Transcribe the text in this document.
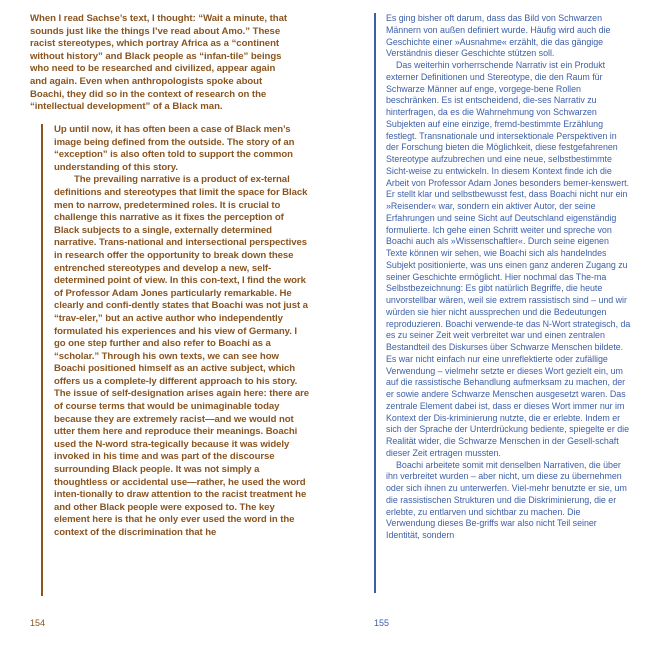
When I read Sachse’s text, I thought: “Wait a minute, that sounds just like the things I’ve read about Amo.” These racist stereotypes, which portray Africa as a “continent without history” and Black people as “infan-tile” beings who need to be researched and civilized, appear again and again. Even when anthropologists spoke about Boachi, they did so in the context of research on the “intellectual development” of a Black man.

Up until now, it has often been a case of Black men’s image being defined from the outside. The story of an “exception” is also often told to support the common understanding of this story.

The prevailing narrative is a product of ex-ternal definitions and stereotypes that limit the space for Black men to narrow, predetermined roles. It is crucial to challenge this narrative as it fixes the perception of Black subjects to a single, externally determined narrative. Trans-national and intersectional perspectives in research offer the opportunity to break down these entrenched stereotypes and develop a new, self-determined point of view. In this con-text, I find the work of Professor Adam Jones particularly remarkable. He clearly and confi-dently states that Boachi was not just a “trav-eler,” but an active author who independently formulated his experiences and his view of Germany. I go one step further and also refer to Boachi as a “scholar.” Through his own texts, we can see how Boachi positioned himself as an active subject, which offers us a complete-ly different approach to his story. The issue of self-designation arises again here: there are of course terms that would be unimaginable today because they are extremely racist—and we would not utter them here and reproduce their meanings. Boachi used the N-word stra-tegically because it was widely invoked in his time and was part of the discourse surrounding Black people. It was not simply a thoughtless or accidental use—rather, he used the word inten-tionally to draw attention to the racist treatment he and other Black people were exposed to. The key element here is that he only ever used the word in the context of the discrimination that he

154

Es ging bisher oft darum, dass das Bild von Schwarzen Männern von außen definiert wurde. Häufig wird auch die Geschichte einer »Ausnahme« erzählt, die das gängige Verständnis dieser Geschichte stützen soll.

Das weiterhin vorherrschende Narrativ ist ein Produkt externer Definitionen und Stereotype, die den Raum für Schwarze Männer auf enge, vorgege-bene Rollen beschränken. Es ist entscheidend, die-ses Narrativ zu hinterfragen, da es die Wahrnehmung von Schwarzen Subjekten auf eine einzige, fremd-bestimmte Erzählung festlegt. Transnationale und intersektionale Perspektiven in der Forschung bieten die Möglichkeit, diese festgefahrenen Stereotype aufzubrechen und eine neue, selbstbestimmte Sicht-weise zu entwickeln. In diesem Kontext finde ich die Arbeit von Professor Adam Jones besonders bemer-kenswert. Er stellt klar und selbstbewusst fest, dass Boachi nicht nur ein »Reisender« war, sondern ein aktiver Autor, der seine Erfahrungen und seine Sicht auf Deutschland eigenständig formulierte. Ich gehe einen Schritt weiter und spreche von Boachi auch als »Wissenschaftler«. Durch seine eigenen Texte können wir sehen, wie Boachi sich als handelndes Subjekt positionierte, was uns einen ganz anderen Zugang zu seiner Geschichte ermöglicht. Hier nochmal das The-ma Selbstbezeichnung: Es gibt natürlich Begriffe, die heute unvorstellbar wären, weil sie extrem rassistisch sind – und wir würden sie hier nicht aussprechen und die Bedeutungen reproduzieren. Boachi verwende-te das N-Wort strategisch, da es zu seiner Zeit weit verbreitet war und einen zentralen Bestandteil des Diskurses über Schwarze Menschen bildete. Es war nicht einfach nur eine unreflektierte oder zufällige Verwendung – vielmehr setzte er dieses Wort gezielt ein, um auf die rassistische Behandlung aufmerksam zu machen, der er sowie andere Schwarze Menschen ausgesetzt waren. Das zentrale Element dabei ist, dass er dieses Wort immer nur im Kontext der Dis-kriminierung nutzte, die er erlebte. Indem er sich der Sprache der Unterdrückung bediente, spiegelte er die Realität wider, die Schwarze Menschen in der Gesell-schaft dieser Zeit ertragen mussten.

Boachi arbeitete somit mit denselben Narrativen, die über ihn verbreitet wurden – aber nicht, um diese zu übernehmen oder sich ihnen zu unterwerfen. Viel-mehr benutzte er sie, um die rassistischen Strukturen und die Diskriminierung, die er erlebte, zu entlarven und sichtbar zu machen. Die Verwendung dieses Be-griffs war also nicht Teil seiner Identität, sondern

155
